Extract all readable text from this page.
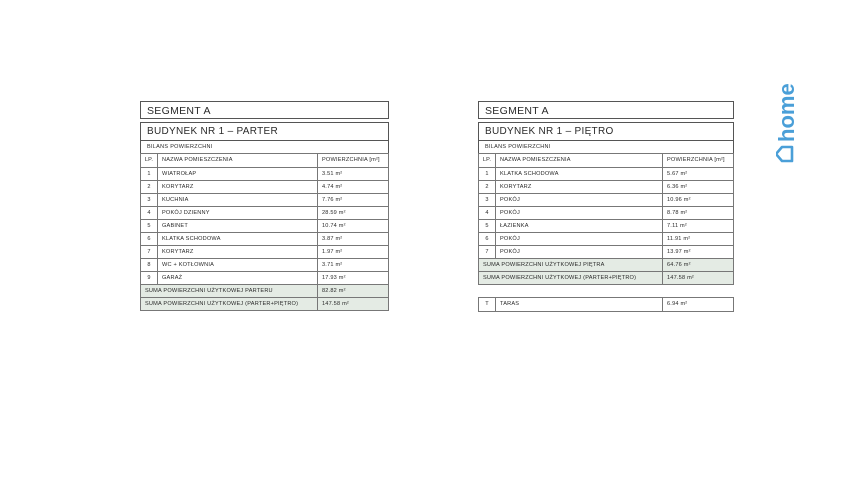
SEGMENT A
BUDYNEK NR 1 – PARTER
BILANS POWIERZCHNI
LP.	NAZWA POMIESZCZENIA	POWIERZCHNIA [m²]
1	WIATROŁAP	3.51 m²
2	KORYTARZ	4.74 m²
3	KUCHNIA	7.76 m²
4	POKÓJ DZIENNY	28.59 m²
5	GABINET	10.74 m²
6	KLATKA SCHODOWA	3.87 m²
7	KORYTARZ	1.97 m²
8	WC + KOTŁOWNIA	3.71 m²
9	GARAŻ	17.93 m²
SUMA POWIERZCHNI UŻYTKOWEJ PARTERU		82.82 m²
SUMA POWIERZCHNI UŻYTKOWEJ (PARTER+PIĘTRO)		147.58 m²
SEGMENT A
BUDYNEK NR 1 – PIĘTRO
BILANS POWIERZCHNI
LP.	NAZWA POMIESZCZENIA	POWIERZCHNIA [m²]
1	KLATKA SCHODOWA	5.67 m²
2	KORYTARZ	6.36 m²
3	POKÓJ	10.96 m²
4	POKÓJ	8.78 m²
5	ŁAZIENKA	7.11 m²
6	POKÓJ	11.91 m²
7	POKÓJ	13.97 m²
SUMA POWIERZCHNI UŻYTKOWEJ PIĘTRA		64.76 m²
SUMA POWIERZCHNI UŻYTKOWEJ (PARTER+PIĘTRO)		147.58 m²
T	TARAS	6.94 m²
home
